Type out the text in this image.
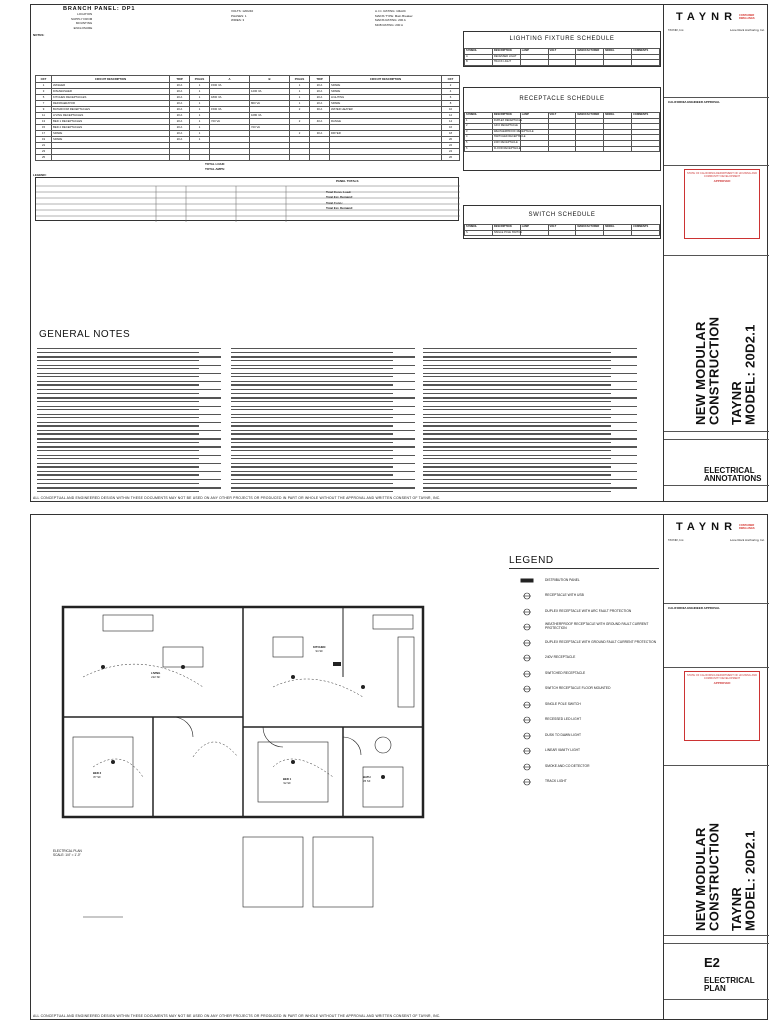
BRANCH PANEL: DP1
LOCATION
SUPPLY FROM
MOUNTING
ENCLOSURE
VOLTS: 120/240
PHASES: 1
WIRES: 3
A.I.C. RATING: 10kAIC
MAINS TYPE: Main Breaker
MAINS RATING: 200 A
MCB RATING: 200 A
NOTES:
CKT	CIRCUIT DESCRIPTION	TRIP	POLES	A	B	POLES	TRIP	CIRCUIT DESCRIPTION	CKT
1	WASHER	20 A	1	1500 VA		1	20 A	SPARE	2
3	DISHWASHER	20 A	1		1200 VA	1	20 A	SPARE	4
5	KITCHEN RECEPTACLES	20 A	1	1800 VA		1	20 A	LIGHTING	6
7	REFRIGERATOR	20 A	1		800 VA	1	20 A	SPARE	8
9	BATHROOM RECEPTACLES	20 A	1	1500 VA		2	30 A	WATER HEATER	10
11	LIVING RECEPTACLES	20 A	1		1080 VA				12
13	BED 1 RECEPTACLES	20 A	1	720 VA		2	40 A	RANGE	14
15	BED 2 RECEPTACLES	20 A	1		720 VA				16
17	SPARE	20 A	1			2	30 A	DRYER	18
19	SPARE	20 A	1						20
21									22
23									24
25									26
TOTAL LOAD:
TOTAL AMPS:
LEGEND:
PANEL TOTALS
Total Conn. Load:
Total Est. Demand:
Total Conn.:
Total Est. Demand:
LIGHTING FIXTURE SCHEDULE
SYMBOL	DESCRIPTION	LAMP	VOLT	MANUFACTURER	MODEL	COMMENTS
A	RECESSED LIGHT					
B	TRACK LIGHT					
RECEPTACLE SCHEDULE
SYMBOL	DESCRIPTION	LAMP	VOLT	MANUFACTURER	MODEL	COMMENTS
1	DUPLEX RECEPTACLE					
2	GFCI RECEPTACLE					
3	WEATHERPROOF RECEPTACLE					
4	SWITCHED RECEPTACLE					
5	240V RECEPTACLE					
6	FLOOR RECEPTACLE					
SWITCH SCHEDULE
SYMBOL	DESCRIPTION	LAMP	VOLT	MANUFACTURER	MODEL	COMMENTS
S	SINGLE POLE SWITCH					
GENERAL NOTES

TAYNR CONTAINER DWELLINGS
TAYNR, Inc.	Lone Rock Anchoring, Inc.
CALIFORNIA ENGINEER APPROVAL
STATE OF CALIFORNIA DEPARTMENT OF HOUSING AND COMMUNITY DEVELOPMENT
APPROVED
NEW MODULAR
CONSTRUCTION TAYNR
MODEL: 20D2.1
ELECTRICAL
ANNOTATIONS
ALL CONCEPTUAL AND ENGINEERED DESIGN WITHIN THESE DOCUMENTS MAY NOT BE USED ON ANY OTHER PROJECTS OR PRODUCED IN PART OR WHOLE WITHOUT THE APPROVAL AND WRITTEN CONSENT OF TAYNR, INC.
LIVING
222 SF
KITCHEN
94 SF
BED 2
87 SF	BED 1
92 SF
BATH
35 SF
ELECTRICAL PLAN
SCALE: 1/4" = 1'-0"
LEGEND
DISTRIBUTION PANEL
RECEPTACLE WITH USB
DUPLEX RECEPTACLE WITH ARC FAULT PROTECTION
WEATHERPROOF RECEPTACLE WITH GROUND FAULT CURRENT PROTECTION
DUPLEX RECEPTACLE WITH GROUND FAULT CURRENT PROTECTION
240V RECEPTACLE
SWITCHED RECEPTACLE
SWITCH RECEPTACLE FLOOR MOUNTED
SINGLE POLE SWITCH
RECESSED LED LIGHT
DUSK TO DAWN LIGHT
LINEAR VANITY LIGHT
SMOKE AND CO DETECTOR
TRACK LIGHT
TAYNR CONTAINER DWELLINGS
TAYNR, Inc.	Lone Rock Anchoring, Inc.
CALIFORNIA ENGINEER APPROVAL
STATE OF CALIFORNIA DEPARTMENT OF HOUSING AND COMMUNITY DEVELOPMENT
APPROVED
NEW MODULAR
CONSTRUCTION TAYNR
MODEL: 20D2.1
E2
ELECTRICAL
PLAN
ALL CONCEPTUAL AND ENGINEERED DESIGN WITHIN THESE DOCUMENTS MAY NOT BE USED ON ANY OTHER PROJECTS OR PRODUCED IN PART OR WHOLE WITHOUT THE APPROVAL AND WRITTEN CONSENT OF TAYNR, INC.
